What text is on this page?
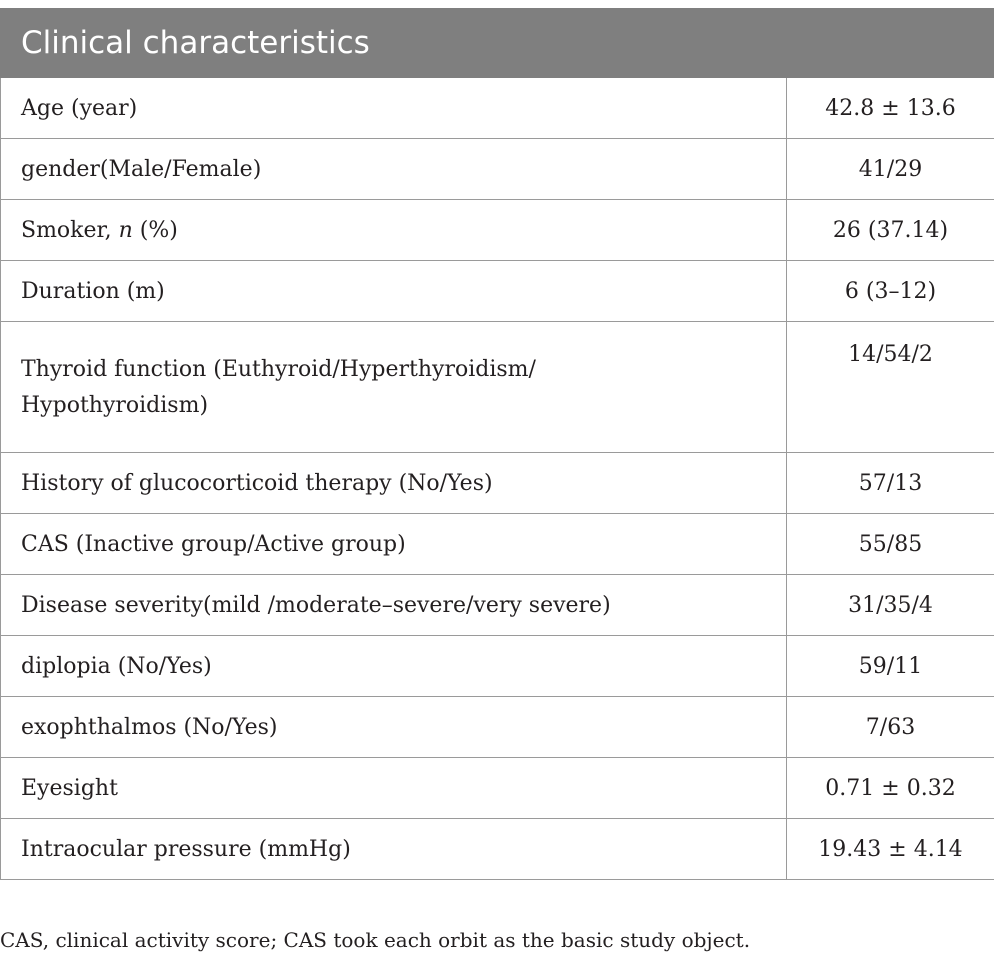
Clinical characteristics	
Age (year)	42.8 ± 13.6
gender(Male/Female)	41/29
Smoker, n (%)	26 (37.14)
Duration (m)	6 (3–12)
Thyroid function (Euthyroid/Hyperthyroidism/
Hypothyroidism)	14/54/2
History of glucocorticoid therapy (No/Yes)	57/13
CAS (Inactive group/Active group)	55/85
Disease severity(mild /moderate–severe/very severe)	31/35/4
diplopia (No/Yes)	59/11
exophthalmos (No/Yes)	7/63
Eyesight	0.71 ± 0.32
Intraocular pressure (mmHg)	19.43 ± 4.14
CAS, clinical activity score; CAS took each orbit as the basic study object.
